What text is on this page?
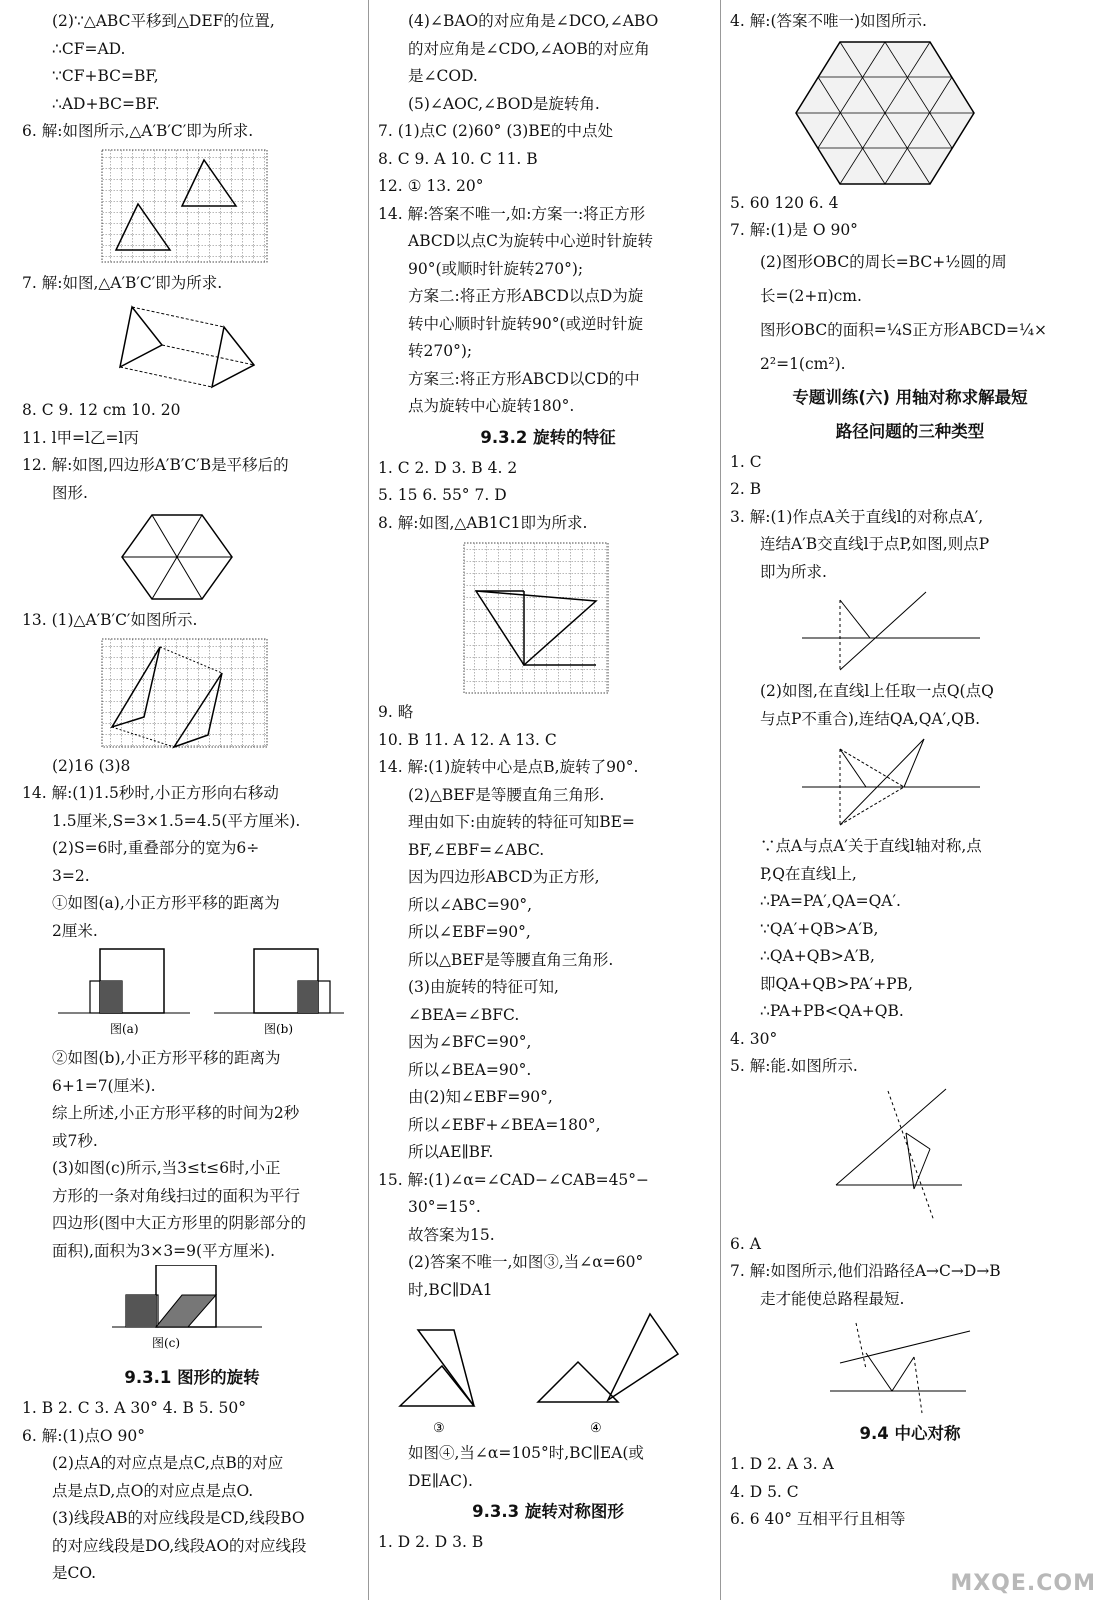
(2)∵△ABC平移到△DEF的位置,
∴CF=AD.
∵CF+BC=BF,
∴AD+BC=BF.
6. 解:如图所示,△A′B′C′即为所求.
7. 解:如图,△A′B′C′即为所求.
8. C 9. 12 cm 10. 20
11. l甲=l乙=l丙
12. 解:如图,四边形A′B′C′B是平移后的
图形.
13. (1)△A′B′C′如图所示.
(2)16 (3)8
14. 解:(1)1.5秒时,小正方形向右移动
1.5厘米,S=3×1.5=4.5(平方厘米).
(2)S=6时,重叠部分的宽为6÷
3=2.
①如图(a),小正方形平移的距离为
2厘米.
图(a)	图(b)
②如图(b),小正方形平移的距离为
6+1=7(厘米).
综上所述,小正方形平移的时间为2秒
或7秒.
(3)如图(c)所示,当3≤t≤6时,小正
方形的一条对角线扫过的面积为平行
四边形(图中大正方形里的阴影部分的
面积),面积为3×3=9(平方厘米).
图(c)
9.3.1 图形的旋转
1. B 2. C 3. A 30° 4. B 5. 50°
6. 解:(1)点O 90°
(2)点A的对应点是点C,点B的对应
点是点D,点O的对应点是点O.
(3)线段AB的对应线段是CD,线段BO
的对应线段是DO,线段AO的对应线段
是CO.
(4)∠BAO的对应角是∠DCO,∠ABO
的对应角是∠CDO,∠AOB的对应角
是∠COD.
(5)∠AOC,∠BOD是旋转角.
7. (1)点C (2)60° (3)BE的中点处
8. C 9. A 10. C 11. B
12. ① 13. 20°
14. 解:答案不唯一,如:方案一:将正方形
ABCD以点C为旋转中心逆时针旋转
90°(或顺时针旋转270°);
方案二:将正方形ABCD以点D为旋
转中心顺时针旋转90°(或逆时针旋
转270°);
方案三:将正方形ABCD以CD的中
点为旋转中心旋转180°.
9.3.2 旋转的特征
1. C 2. D 3. B 4. 2
5. 15 6. 55° 7. D
8. 解:如图,△AB1C1即为所求.
9. 略
10. B 11. A 12. A 13. C
14. 解:(1)旋转中心是点B,旋转了90°.
(2)△BEF是等腰直角三角形.
理由如下:由旋转的特征可知BE=
BF,∠EBF=∠ABC.
因为四边形ABCD为正方形,
所以∠ABC=90°,
所以∠EBF=90°,
所以△BEF是等腰直角三角形.
(3)由旋转的特征可知,
∠BEA=∠BFC.
因为∠BFC=90°,
所以∠BEA=90°.
由(2)知∠EBF=90°,
所以∠EBF+∠BEA=180°,
所以AE∥BF.
15. 解:(1)∠α=∠CAD−∠CAB=45°−
30°=15°.
故答案为15.
(2)答案不唯一,如图③,当∠α=60°
时,BC∥DA1
③	④
如图④,当∠α=105°时,BC∥EA(或
DE∥AC).
9.3.3 旋转对称图形
1. D 2. D 3. B
4. 解:(答案不唯一)如图所示.
5. 60 120 6. 4
7. 解:(1)是 O 90°
(2)图形OBC的周长=BC+½圆的周
长=(2+π)cm.
图形OBC的面积=¼S正方形ABCD=¼×
2²=1(cm²).
专题训练(六) 用轴对称求解最短
路径问题的三种类型
1. C
2. B
3. 解:(1)作点A关于直线l的对称点A′,
连结A′B交直线l于点P,如图,则点P
即为所求.
(2)如图,在直线l上任取一点Q(点Q
与点P不重合),连结QA,QA′,QB.
∵点A与点A′关于直线l轴对称,点
P,Q在直线l上,
∴PA=PA′,QA=QA′.
∵QA′+QB>A′B,
∴QA+QB>A′B,
即QA+QB>PA′+PB,
∴PA+PB<QA+QB.
4. 30°
5. 解:能.如图所示.
6. A
7. 解:如图所示,他们沿路径A→C→D→B
走才能使总路程最短.
9.4 中心对称
1. D 2. A 3. A
4. D 5. C
6. 6 40° 互相平行且相等
MXQE.COM
